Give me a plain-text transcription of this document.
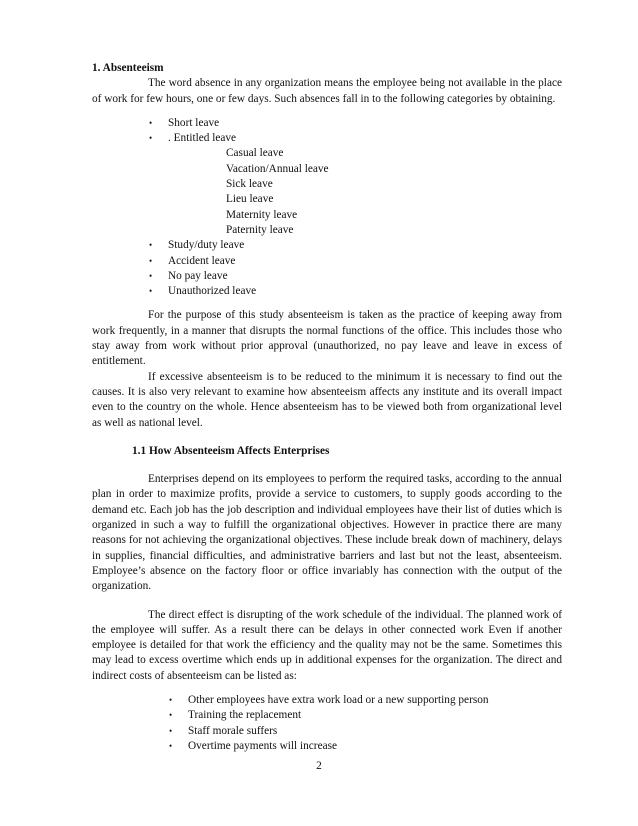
1. Absenteeism

The word absence in any organization means the employee being not available in the place of work for few hours, one or few days. Such absences fall in to the following categories by obtaining.

• Short leave
• . Entitled leave
Casual leave
Vacation/Annual leave
Sick leave
Lieu leave
Maternity leave
Paternity leave
• Study/duty leave
• Accident leave
• No pay leave
• Unauthorized leave

For the purpose of this study absenteeism is taken as the practice of keeping away from work frequently, in a manner that disrupts the normal functions of the office. This includes those who stay away from work without prior approval (unauthorized, no pay leave and leave in excess of entitlement.

If excessive absenteeism is to be reduced to the minimum it is necessary to find out the causes. It is also very relevant to examine how absenteeism affects any institute and its overall impact even to the country on the whole. Hence absenteeism has to be viewed both from organizational level as well as national level.

1.1 How Absenteeism Affects Enterprises

Enterprises depend on its employees to perform the required tasks, according to the annual plan in order to maximize profits, provide a service to customers, to supply goods according to the demand etc. Each job has the job description and individual employees have their list of duties which is organized in such a way to fulfill the organizational objectives. However in practice there are many reasons for not achieving the organizational objectives. These include break down of machinery, delays in supplies, financial difficulties, and administrative barriers and last but not the least, absenteeism. Employee’s absence on the factory floor or office invariably has connection with the output of the organization.

The direct effect is disrupting of the work schedule of the individual. The planned work of the employee will suffer. As a result there can be delays in other connected work Even if another employee is detailed for that work the efficiency and the quality may not be the same. Sometimes this may lead to excess overtime which ends up in additional expenses for the organization. The direct and indirect costs of absenteeism can be listed as:

• Other employees have extra work load or a new supporting person
• Training the replacement
• Staff morale suffers
• Overtime payments will increase
2
